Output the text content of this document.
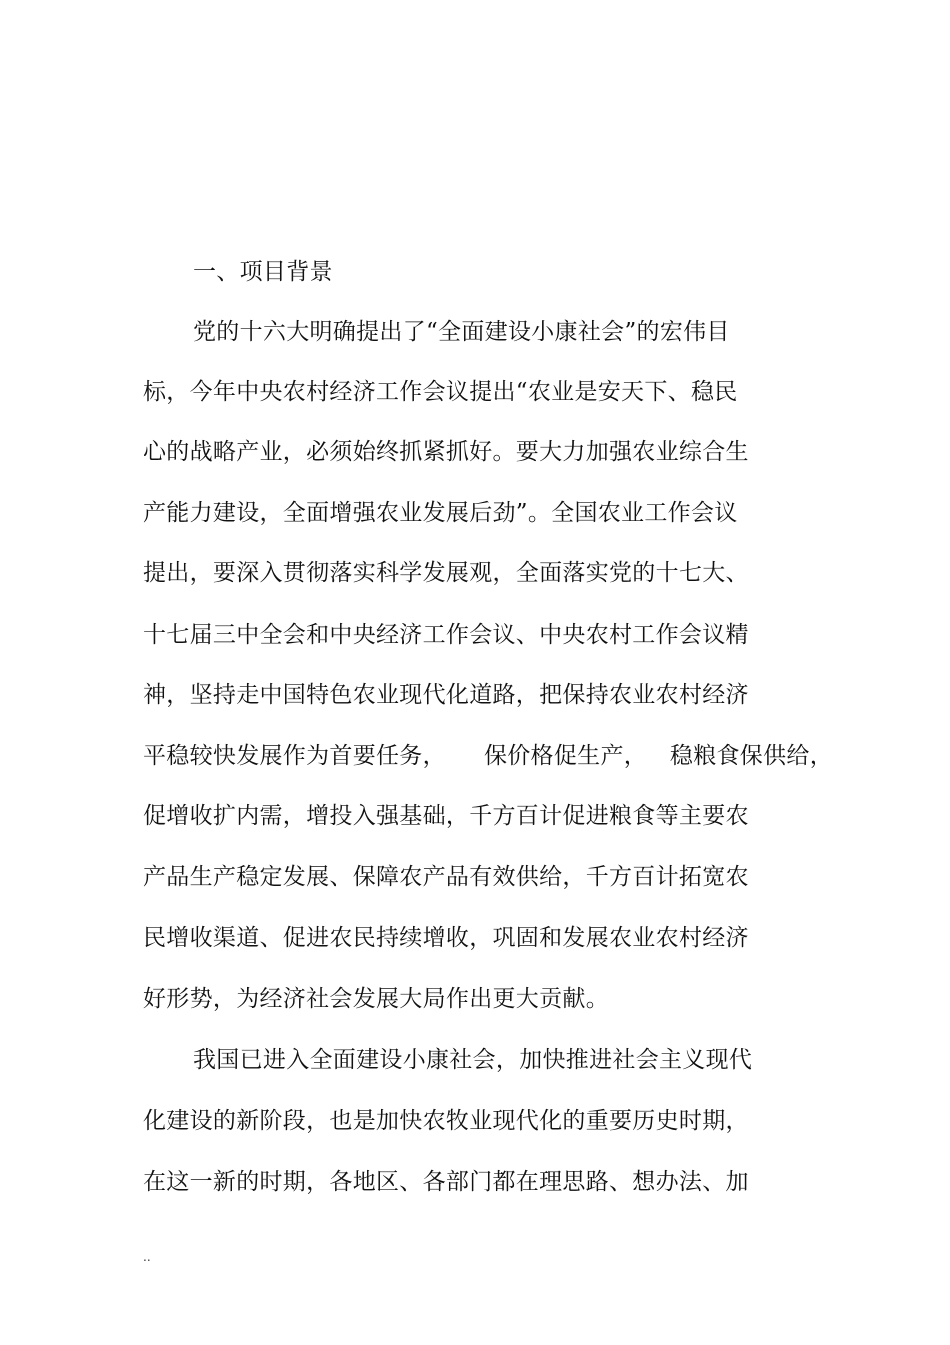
一、项目背景
党的十六大明确提出了“全面建设小康社会”的宏伟目
标，今年中央农村经济工作会议提出“农业是安天下、稳民
心的战略产业，必须始终抓紧抓好。要大力加强农业综合生
产能力建设，全面增强农业发展后劲”。全国农业工作会议
提出，要深入贯彻落实科学发展观，全面落实党的十七大、
十七届三中全会和中央经济工作会议、中央农村工作会议精
神，坚持走中国特色农业现代化道路，把保持农业农村经济
平稳较快发展作为首要任务，     保价格促生产，   稳粮食保供给，
促增收扩内需，增投入强基础，千方百计促进粮食等主要农
产品生产稳定发展、保障农产品有效供给，千方百计拓宽农
民增收渠道、促进农民持续增收，巩固和发展农业农村经济
好形势，为经济社会发展大局作出更大贡献。
我国已进入全面建设小康社会，加快推进社会主义现代
化建设的新阶段，也是加快农牧业现代化的重要历史时期，
在这一新的时期，各地区、各部门都在理思路、想办法、加
..
